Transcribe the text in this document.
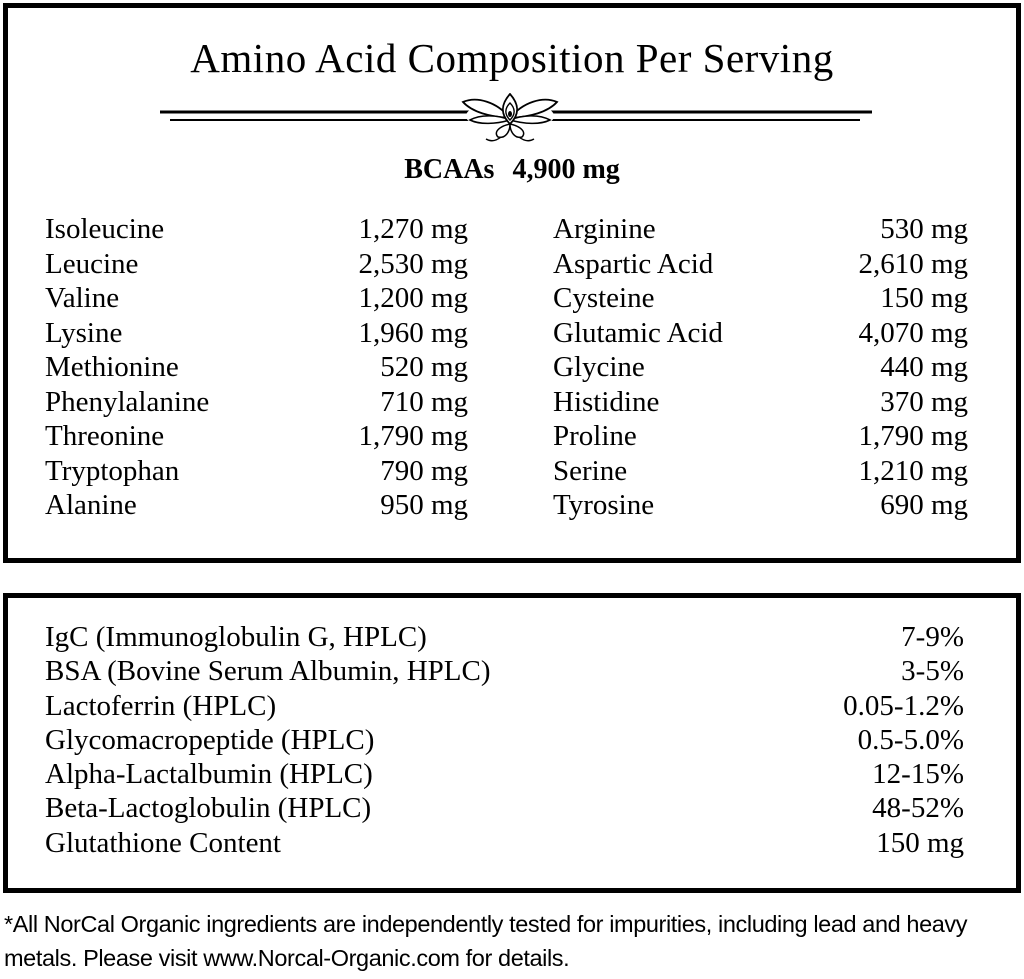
Amino Acid Composition Per Serving
BCAAs 4,900 mg
Isoleucine	1,270 mg
Leucine	2,530 mg
Valine	1,200 mg
Lysine	1,960 mg
Methionine	520 mg
Phenylalanine	710 mg
Threonine	1,790 mg
Tryptophan	790 mg
Alanine	950 mg
Arginine	530 mg
Aspartic Acid	2,610 mg
Cysteine	150 mg
Glutamic Acid	4,070 mg
Glycine	440 mg
Histidine	370 mg
Proline	1,790 mg
Serine	1,210 mg
Tyrosine	690 mg
IgC (Immunoglobulin G, HPLC)	7-9%
BSA (Bovine Serum Albumin, HPLC)	3-5%
Lactoferrin (HPLC)	0.05-1.2%
Glycomacropeptide (HPLC)	0.5-5.0%
Alpha-Lactalbumin (HPLC)	12-15%
Beta-Lactoglobulin (HPLC)	48-52%
Glutathione Content	150 mg

*All NorCal Organic ingredients are independently tested for impurities, including lead and heavy
metals. Please visit www.Norcal-Organic.com for details.
